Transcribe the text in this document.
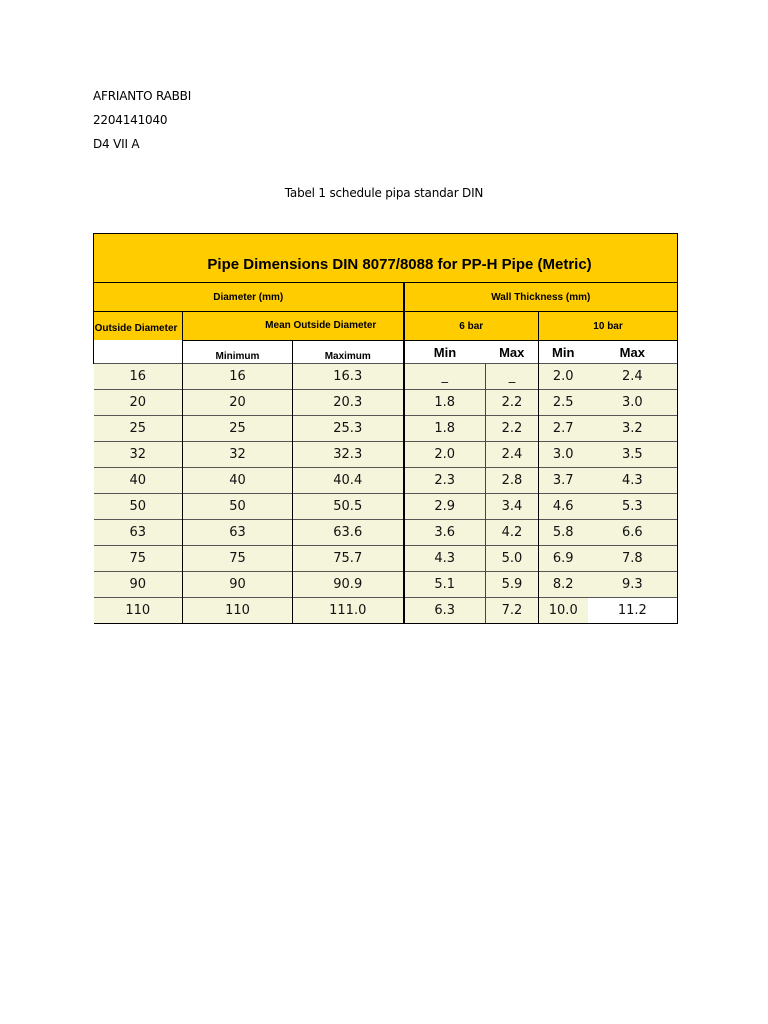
AFRIANTO RABBI
2204141040
D4 VII A
Tabel 1 schedule pipa standar DIN
Pipe Dimensions DIN 8077/8088 for PP-H Pipe (Metric)						
Diameter (mm)			Wall Thickness (mm)			

Outside Diameter	Mean Outside Diameter		6 bar		10 bar	
	Minimum	Maximum	Min	Max	Min	Max
16	16	16.3	_	_	2.0	2.4
20	20	20.3	1.8	2.2	2.5	3.0
25	25	25.3	1.8	2.2	2.7	3.2
32	32	32.3	2.0	2.4	3.0	3.5
40	40	40.4	2.3	2.8	3.7	4.3
50	50	50.5	2.9	3.4	4.6	5.3
63	63	63.6	3.6	4.2	5.8	6.6
75	75	75.7	4.3	5.0	6.9	7.8
90	90	90.9	5.1	5.9	8.2	9.3
110	110	111.0	6.3	7.2	10.0	11.2
